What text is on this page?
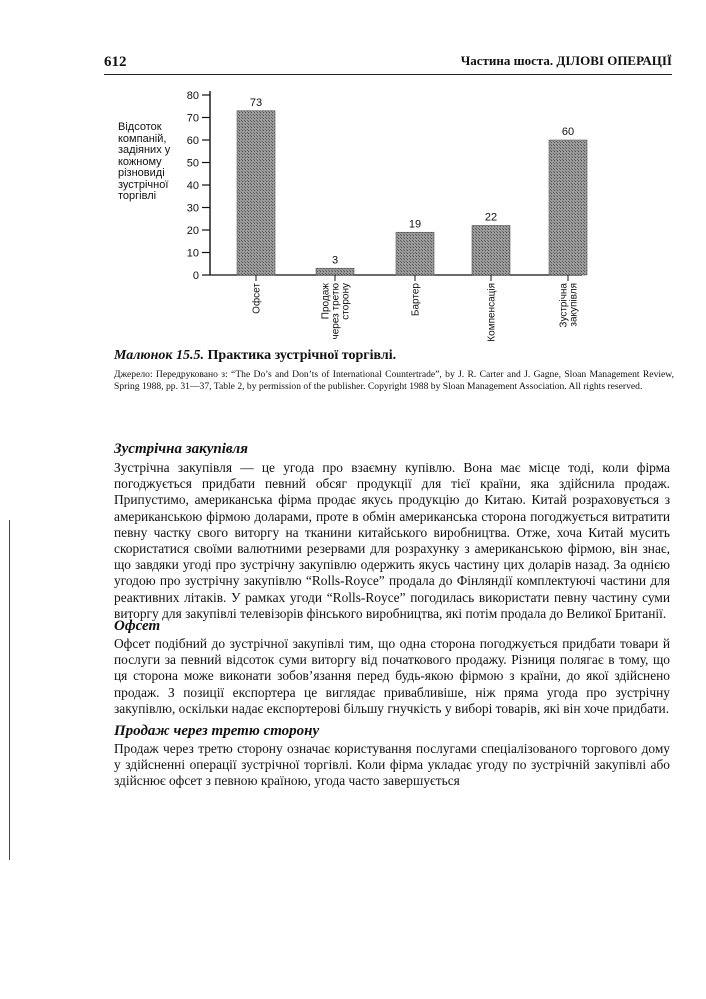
612	Частина шоста. ДІЛОВІ ОПЕРАЦІЇ
Відсоток компаній, задіяних у кожному різновиді зустрічної торгівлі
0
10
20
30
40
50
60
70
80
73
Офсет
3
Продаж через третю сторону
19
Бартер
22
Компенсація
60
Зустрічна закупівля
Малюнок 15.5. Практика зустрічної торгівлі.
Джерело: Передруковано з: “The Do’s and Don’ts of International Countertrade”, by J. R. Carter and J. Gagne, Sloan Management Review, Spring 1988, pp. 31—37, Table 2, by permission of the publisher. Copyright 1988 by Sloan Management Association. All rights reserved.
Зустрічна закупівля
Зустрічна закупівля — це угода про взаємну купівлю. Вона має місце тоді, коли фірма погоджується придбати певний обсяг продукції для тієї країни, яка здійснила продаж. Припустимо, американська фірма продає якусь продукцію до Китаю. Китай розраховується з американською фірмою доларами, проте в обмін американська сторона погоджується витратити певну частку свого виторгу на тканини китайського виробництва. Отже, хоча Китай мусить скористатися своїми валютними резервами для розрахунку з американською фірмою, він знає, що завдяки угоді про зустрічну закупівлю одержить якусь частину цих доларів назад. За однією угодою про зустрічну закупівлю “Rolls-Royce” продала до Фінляндії комплектуючі частини для реактивних літаків. У рамках угоди “Rolls-Royce” погодилась використати певну частину суми виторгу для закупівлі телевізорів фінського виробництва, які потім продала до Великої Британії.
Офсет
Офсет подібний до зустрічної закупівлі тим, що одна сторона погоджується придбати товари й послуги за певний відсоток суми виторгу від початкового продажу. Різниця полягає в тому, що ця сторона може виконати зобов’язання перед будь-якою фірмою з країни, до якої здійснено продаж. З позиції експортера це виглядає привабливіше, ніж пряма угода про зустрічну закупівлю, оскільки надає експортерові більшу гнучкість у виборі товарів, які він хоче придбати.
Продаж через третю сторону
Продаж через третю сторону означає користування послугами спеціалізованого торгового дому у здійсненні операції зустрічної торгівлі. Коли фірма укладає угоду по зустрічній закупівлі або здійснює офсет з певною країною, угода часто завершується
